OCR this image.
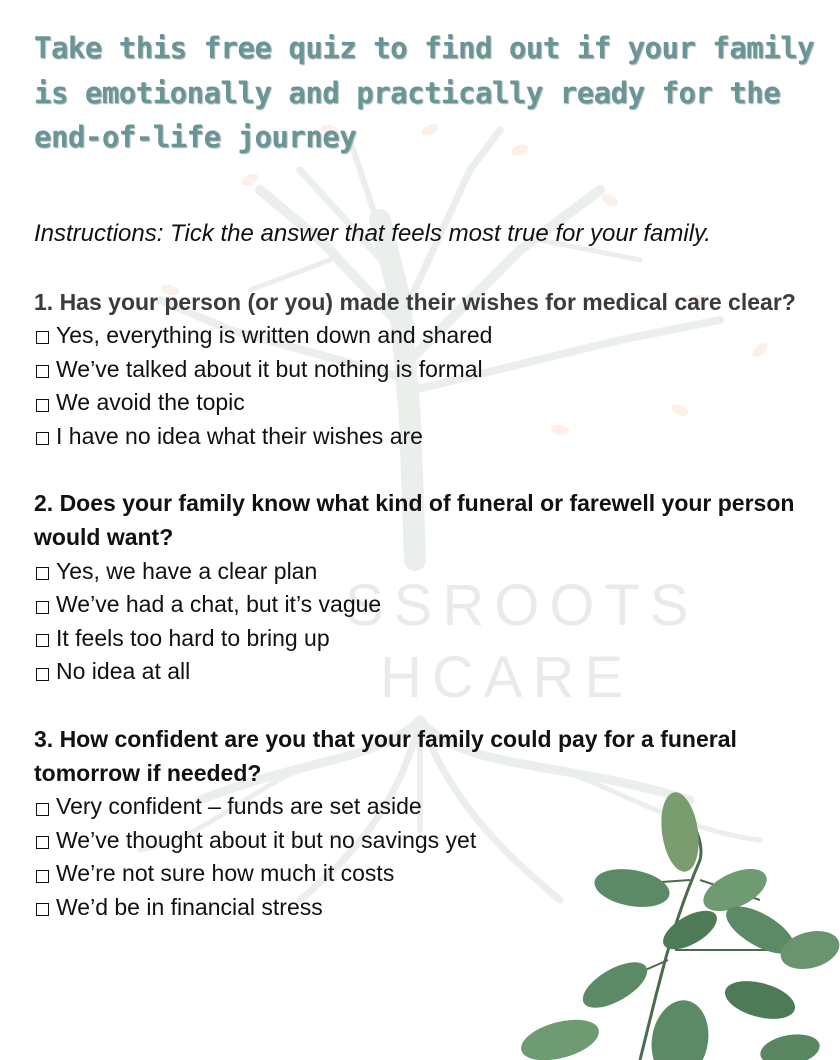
SSROOTS
HCARE
Take this free quiz to find out if your family is emotionally and practically ready for the end-of-life journey
Instructions: Tick the answer that feels most true for your family.
1. Has your person (or you) made their wishes for medical care clear?
Yes, everything is written down and shared
We’ve talked about it but nothing is formal
We avoid the topic
I have no idea what their wishes are
2. Does your family know what kind of funeral or farewell your person would want?
Yes, we have a clear plan
We’ve had a chat, but it’s vague
It feels too hard to bring up
No idea at all
3. How confident are you that your family could pay for a funeral tomorrow if needed?
Very confident – funds are set aside
We’ve thought about it but no savings yet
We’re not sure how much it costs
We’d be in financial stress
